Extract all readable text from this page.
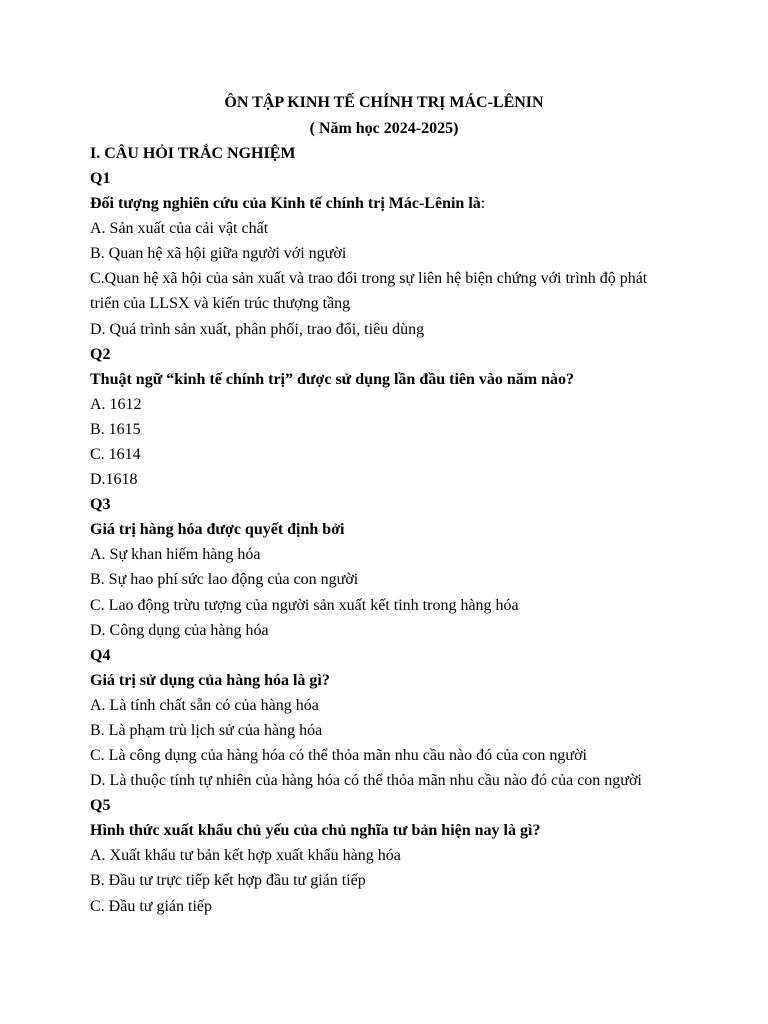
ÔN TẬP KINH TẾ CHÍNH TRỊ MÁC-LÊNIN
( Năm học 2024-2025)
I. CÂU HỎI TRẮC NGHIỆM
Q1
Đối tượng nghiên cứu của Kinh tế chính trị Mác-Lênin là:
A. Sản xuất của cải vật chất
B. Quan hệ xã hội giữa người với người
C.Quan hệ xã hội của sản xuất và trao đổi trong sự liên hệ biện chứng với trình độ phát
triển của LLSX và kiến trúc thượng tầng
D. Quá trình sản xuất, phân phối, trao đổi, tiêu dùng
Q2
Thuật ngữ “kinh tế chính trị” được sử dụng lần đầu tiên vào năm nào?
A. 1612
B. 1615
C. 1614
D.1618
Q3
Giá trị hàng hóa được quyết định bởi
A. Sự khan hiếm hàng hóa
B. Sự hao phí sức lao động của con người
C. Lao động trừu tượng của người sản xuất kết tinh trong hàng hóa
D. Công dụng của hàng hóa
Q4
Giá trị sử dụng của hàng hóa là gì?
A. Là tính chất sẵn có của hàng hóa
B. Là phạm trù lịch sử của hàng hóa
C. Là công dụng của hàng hóa có thể thỏa mãn nhu cầu nào đó của con người
D. Là thuộc tính tự nhiên của hàng hóa có thể thỏa mãn nhu cầu nào đó của con người
Q5
Hình thức xuất khẩu chủ yếu của chủ nghĩa tư bản hiện nay là gì?
A. Xuất khẩu tư bản kết hợp xuất khẩu hàng hóa
B. Đầu tư trực tiếp kết hợp đầu tư gián tiếp
C. Đầu tư gián tiếp
